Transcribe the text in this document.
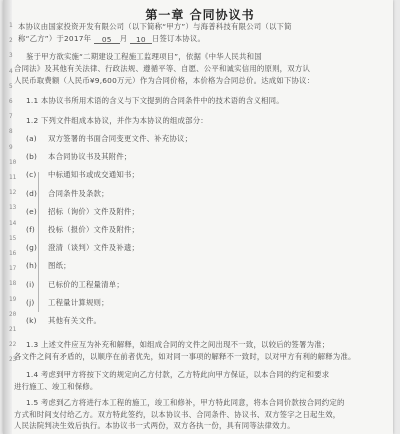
1
2
3
4
5
6
7
8
9
10
11
12
13
14
15
16
17
18
19
20
21
22
23
第一章 合同协议书
本协议由国家投资开发有限公司（以下简称“甲方”）与海普科技有限公司（以下简
称“乙方”）于2017年 05 月 10 日签订本协议。
鉴于甲方欲实施“二期建设工程施工监理项目”，依据《中华人民共和国
合同法》及其他有关法律、行政法规、遵循平等、自愿、公平和诚实信用的原则，双方认
人民币取费额（人民币¥9,600万元）作为合同价格，本价格为合同总价。达成如下协议：
1.1 本协议书所用术语的含义与下文提到的合同条件中的技术语的含义相同。
1.2 下列文件组成本协议，并作为本协议的组成部分：
(a) 双方签署的书面合同变更文件、补充协议；
(b) 本合同协议书及其附件；
(c) 中标通知书或成交通知书；
(d) 合同条件及条款；
(e) 招标（询价）文件及附件；
(f) 投标（报价）文件及附件；
(g) 澄清（谈判）文件及补遗；
(h) 图纸；
(i) 已标价的工程量清单；
(j) 工程量计算规则；
(k) 其他有关文件。
1.3 上述文件应互为补充和解释，如组成合同的文件之间出现不一致，以较后的签署为准；
各文件之间有矛盾的，以顺序在前者优先，如对同一事项的解释不一致时，以对甲方有利的解释为准。
1.4 考虑到甲方将按下文的规定向乙方付款，乙方特此向甲方保证，以本合同的约定和要求
进行施工、竣工和保修。
1.5 考虑到乙方将进行本工程的施工，竣工和修补，甲方特此同意，将本合同价款按合同约定的
方式和时间支付给乙方。双方特此签约，以本协议书、合同条件、协议书、双方签字之日起生效，
人民法院判决生效后执行。本协议书一式两份，双方各执一份，具有同等法律效力。
